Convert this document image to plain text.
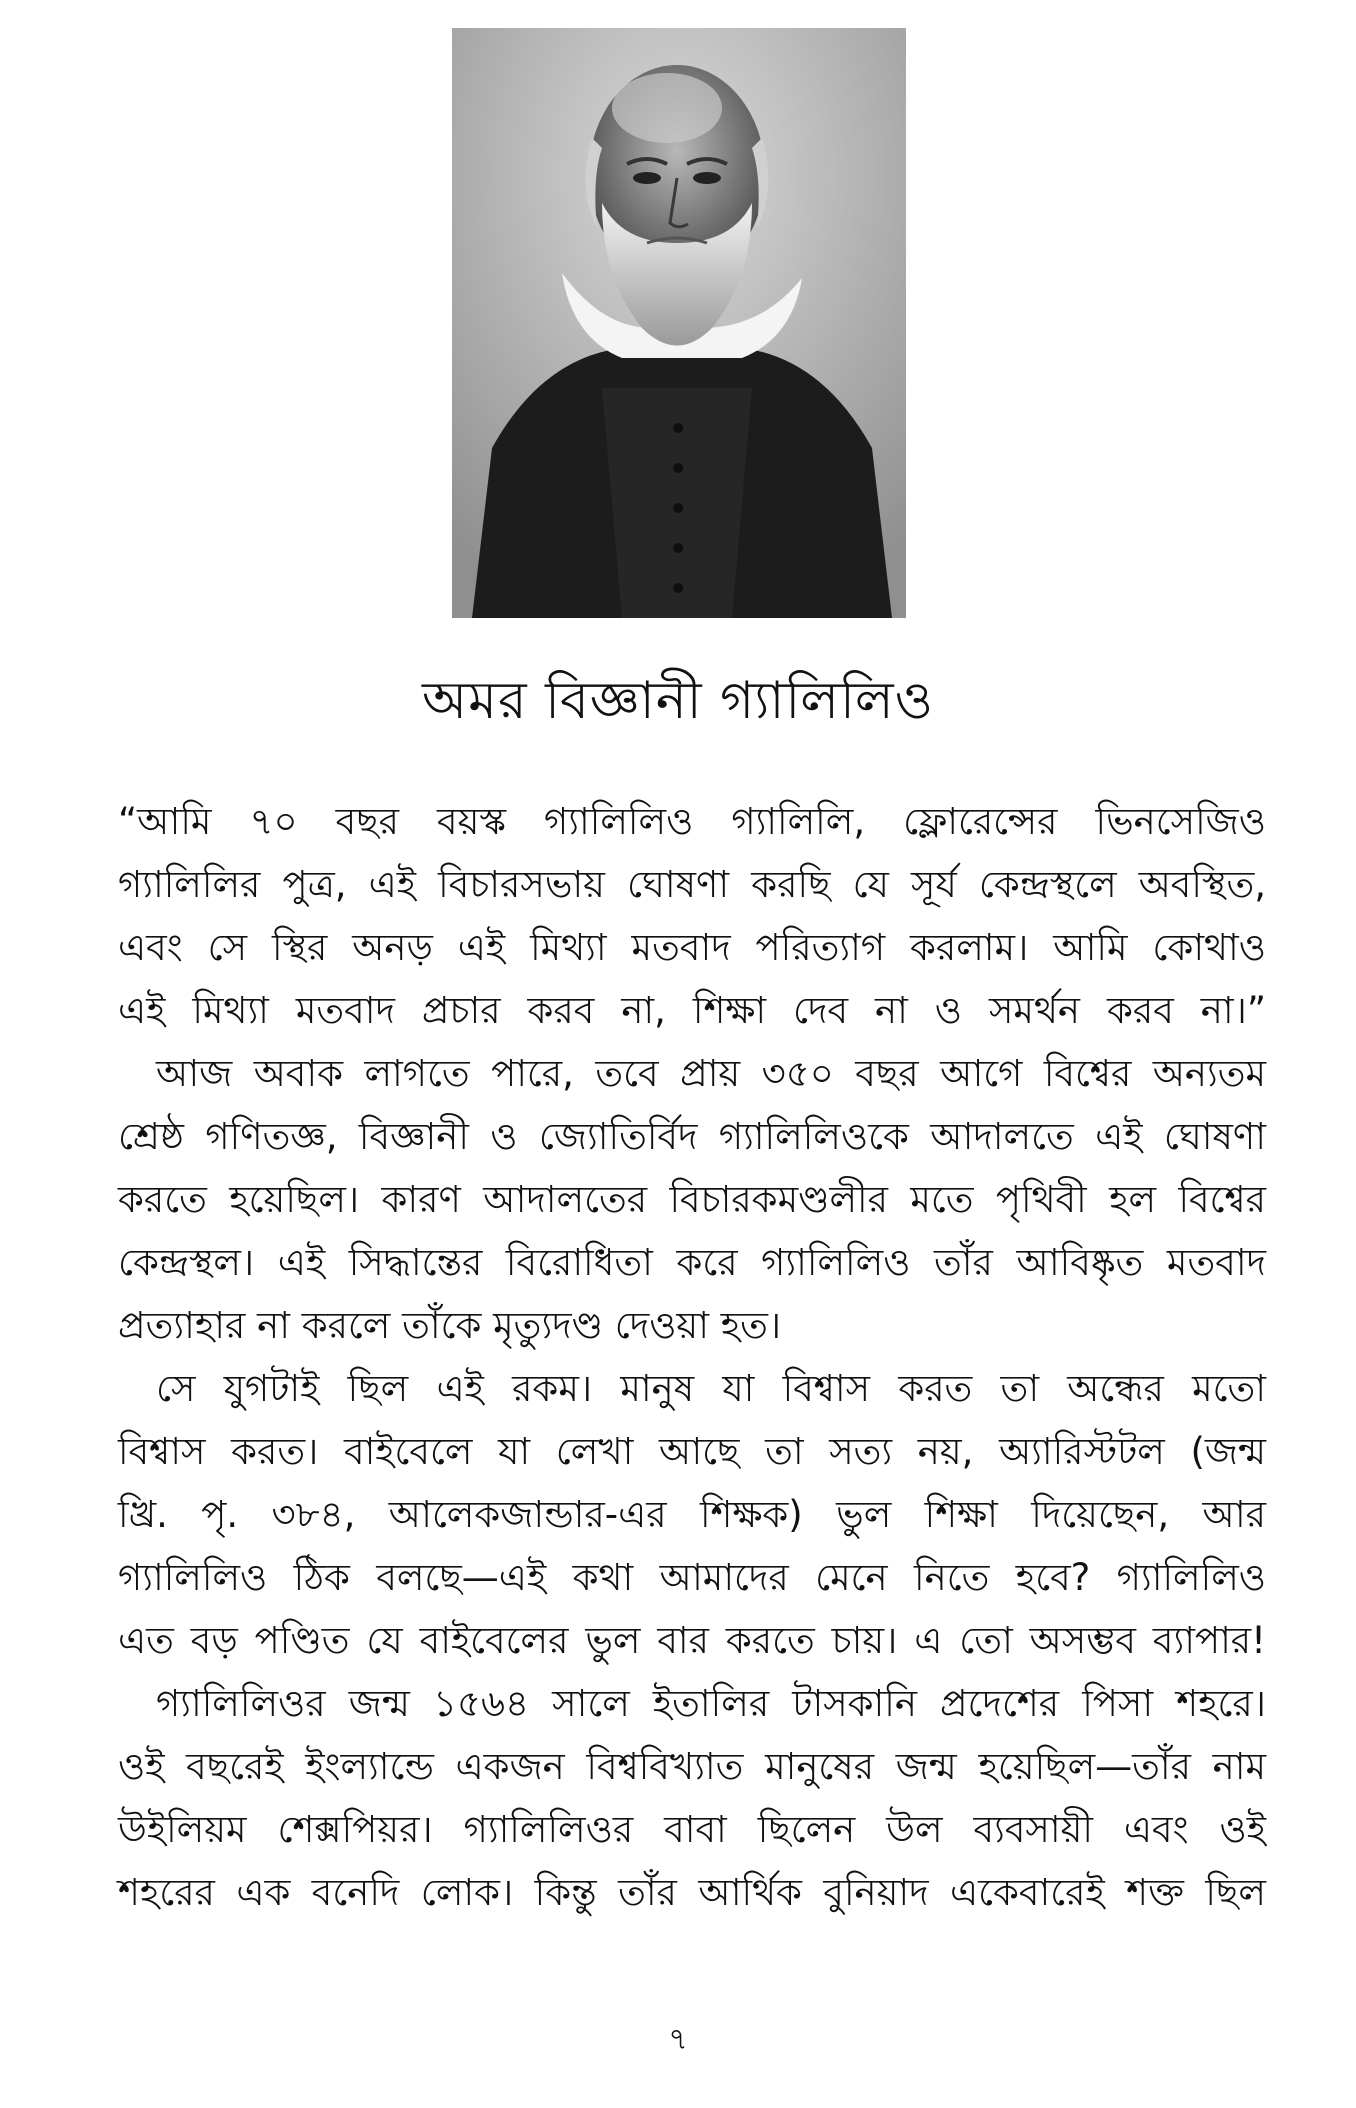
অমর বিজ্ঞানী গ্যালিলিও
“আমি ৭০ বছর বয়স্ক গ্যালিলিও গ্যালিলি, ফ্লোরেন্সের ভিনসেজিও
গ্যালিলির পুত্র, এই বিচারসভায় ঘোষণা করছি যে সূর্য কেন্দ্রস্থলে অবস্থিত,
এবং সে স্থির অনড় এই মিথ্যা মতবাদ পরিত্যাগ করলাম। আমি কোথাও
এই মিথ্যা মতবাদ প্রচার করব না, শিক্ষা দেব না ও সমর্থন করব না।”
আজ অবাক লাগতে পারে, তবে প্রায় ৩৫০ বছর আগে বিশ্বের অন্যতম
শ্রেষ্ঠ গণিতজ্ঞ, বিজ্ঞানী ও জ্যোতির্বিদ গ্যালিলিওকে আদালতে এই ঘোষণা
করতে হয়েছিল। কারণ আদালতের বিচারকমণ্ডলীর মতে পৃথিবী হল বিশ্বের
কেন্দ্রস্থল। এই সিদ্ধান্তের বিরোধিতা করে গ্যালিলিও তাঁর আবিষ্কৃত মতবাদ
প্রত্যাহার না করলে তাঁকে মৃত্যুদণ্ড দেওয়া হত।
সে যুগটাই ছিল এই রকম। মানুষ যা বিশ্বাস করত তা অন্ধের মতো
বিশ্বাস করত। বাইবেলে যা লেখা আছে তা সত্য নয়, অ্যারিস্টটল (জন্ম
খ্রি. পৃ. ৩৮৪, আলেকজান্ডার-এর শিক্ষক) ভুল শিক্ষা দিয়েছেন, আর
গ্যালিলিও ঠিক বলছে—এই কথা আমাদের মেনে নিতে হবে? গ্যালিলিও
এত বড় পণ্ডিত যে বাইবেলের ভুল বার করতে চায়। এ তো অসম্ভব ব্যাপার!
গ্যালিলিওর জন্ম ১৫৬৪ সালে ইতালির টাসকানি প্রদেশের পিসা শহরে।
ওই বছরেই ইংল্যান্ডে একজন বিশ্ববিখ্যাত মানুষের জন্ম হয়েছিল—তাঁর নাম
উইলিয়ম শেক্সপিয়র। গ্যালিলিওর বাবা ছিলেন উল ব্যবসায়ী এবং ওই
শহরের এক বনেদি লোক। কিন্তু তাঁর আর্থিক বুনিয়াদ একেবারেই শক্ত ছিল
৭
